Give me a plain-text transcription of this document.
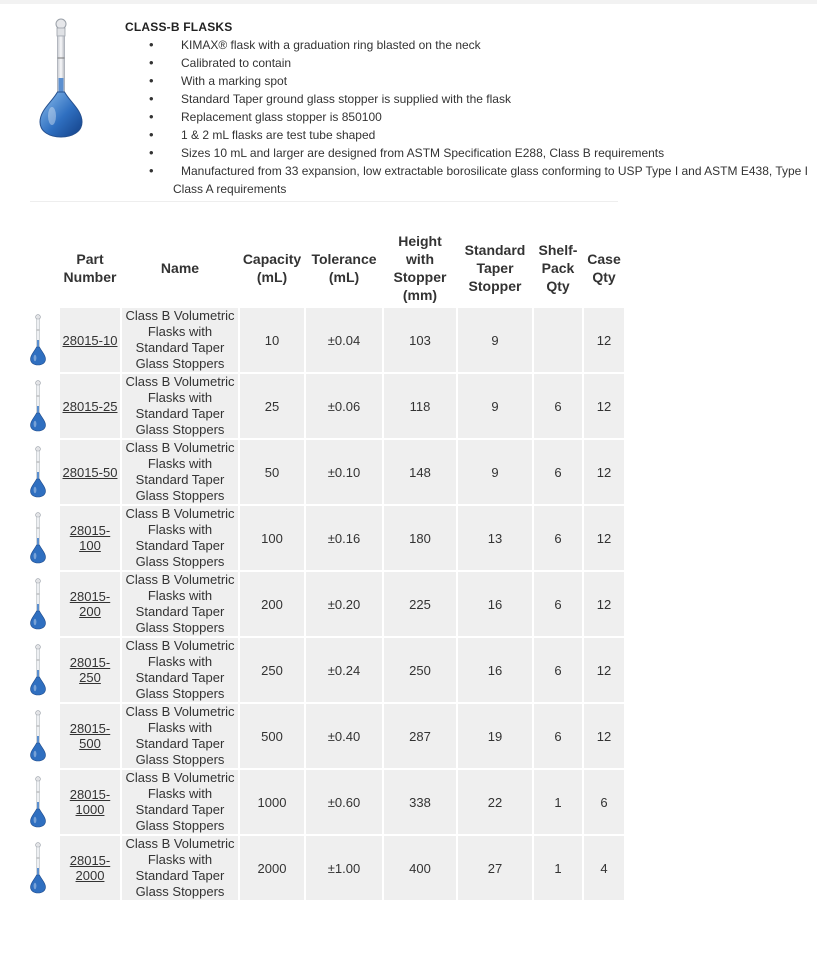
CLASS-B FLASKS
• KIMAX® flask with a graduation ring blasted on the neck
• Calibrated to contain
• With a marking spot
• Standard Taper ground glass stopper is supplied with the flask
• Replacement glass stopper is 850100
• 1 & 2 mL flasks are test tube shaped
• Sizes 10 mL and larger are designed from ASTM Specification E288, Class B requirements
• Manufactured from 33 expansion, low extractable borosilicate glass conforming to USP Type I and ASTM E438, Type I
Class A requirements
	Part Number	Name	Capacity (mL)	Tolerance (mL)	Height with Stopper (mm)	Standard Taper Stopper	Shelf-Pack Qty	Case Qty

	28015-10	Class B Volumetric Flasks with Standard Taper Glass Stoppers	10	±0.04	103	9		12

	28015-25	Class B Volumetric Flasks with Standard Taper Glass Stoppers	25	±0.06	118	9	6	12

	28015-50	Class B Volumetric Flasks with Standard Taper Glass Stoppers	50	±0.10	148	9	6	12

	28015-100	Class B Volumetric Flasks with Standard Taper Glass Stoppers	100	±0.16	180	13	6	12

	28015-200	Class B Volumetric Flasks with Standard Taper Glass Stoppers	200	±0.20	225	16	6	12

	28015-250	Class B Volumetric Flasks with Standard Taper Glass Stoppers	250	±0.24	250	16	6	12

	28015-500	Class B Volumetric Flasks with Standard Taper Glass Stoppers	500	±0.40	287	19	6	12

	28015-1000	Class B Volumetric Flasks with Standard Taper Glass Stoppers	1000	±0.60	338	22	1	6

	28015-2000	Class B Volumetric Flasks with Standard Taper Glass Stoppers	2000	±1.00	400	27	1	4
